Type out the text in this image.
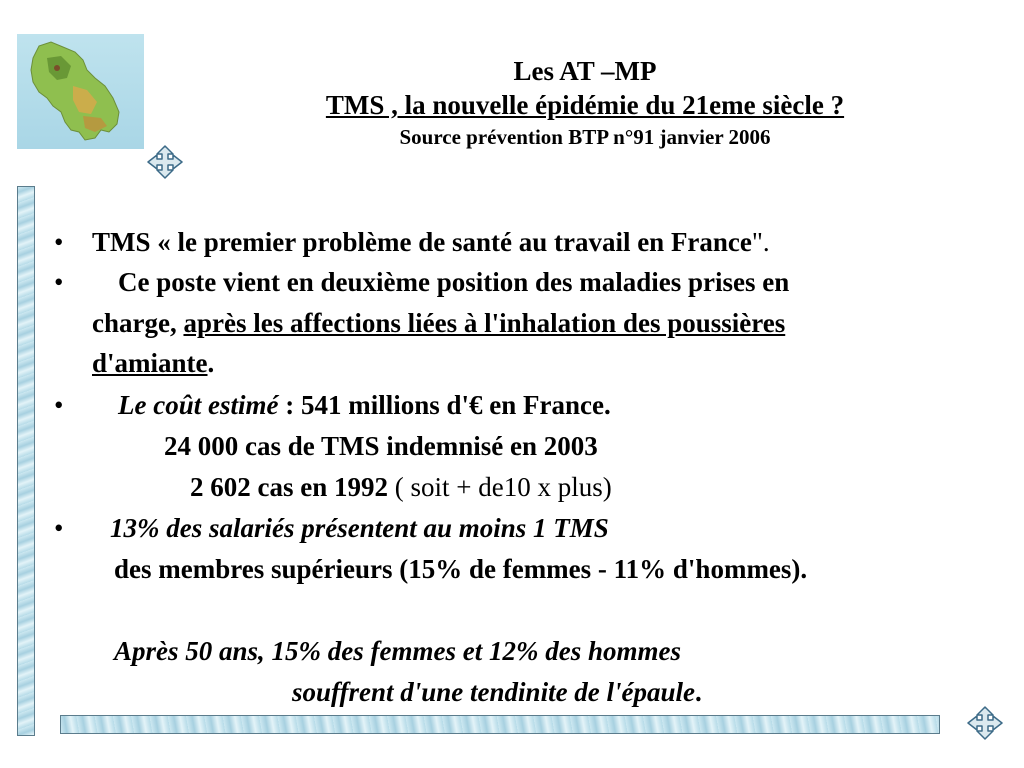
Les AT –MP
TMS , la nouvelle épidémie du 21eme siècle ?
Source prévention BTP n°91 janvier 2006
• TMS « le premier problème de santé au travail en France".
• Ce poste vient en deuxième position des maladies prises en
charge, après les affections liées à l'inhalation des poussières
d'amiante.
• Le coût estimé : 541 millions d'€ en France.
24 000 cas de TMS indemnisé en 2003
2 602 cas en 1992 ( soit + de10 x plus)
• 13% des salariés présentent au moins 1 TMS
des membres supérieurs (15% de femmes - 11% d'hommes).
Après 50 ans, 15% des femmes et 12% des hommes
souffrent d'une tendinite de l'épaule.
